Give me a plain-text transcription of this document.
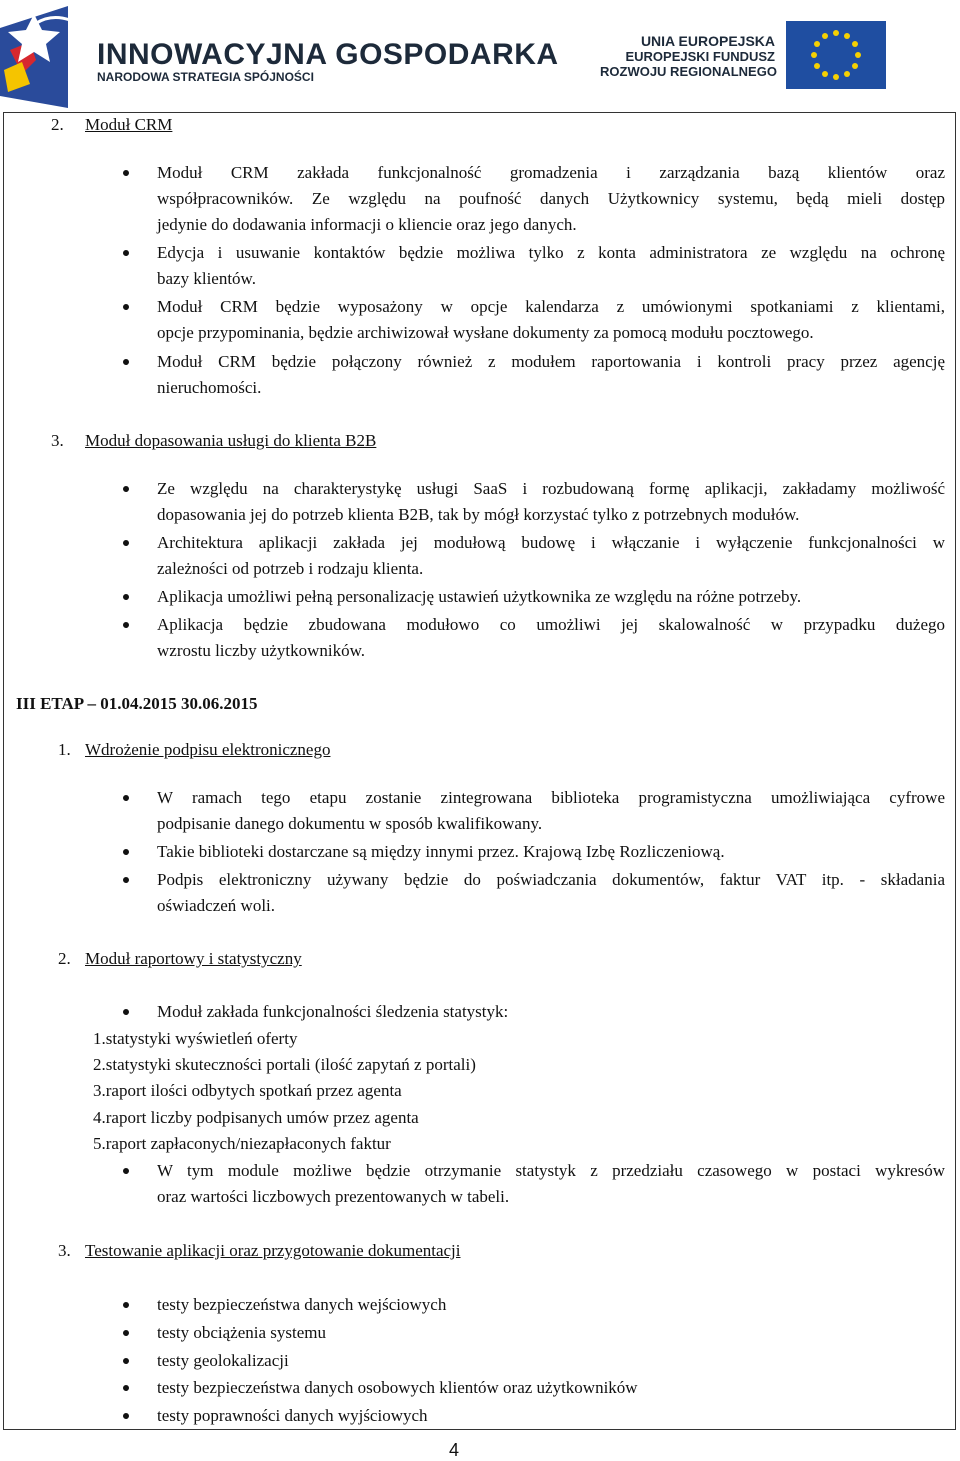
INNOWACYJNA GOSPODARKA
NARODOWA STRATEGIA SPÓJNOŚCI
UNIA EUROPEJSKA
EUROPEJSKI FUNDUSZ
ROZWOJU REGIONALNEGO
2. Moduł CRM
Moduł CRM zakłada funkcjonalność gromadzenia i zarządzania bazą klientów oraz
współpracowników. Ze względu na poufność danych Użytkownicy systemu, będą mieli dostęp
jedynie do dodawania informacji o kliencie oraz jego danych.
Edycja i usuwanie kontaktów będzie możliwa tylko z konta administratora ze względu na ochronę
bazy klientów.
Moduł CRM będzie wyposażony w opcje kalendarza z umówionymi spotkaniami z klientami,
opcje przypominania, będzie archiwizował wysłane dokumenty za pomocą modułu pocztowego.
Moduł CRM będzie połączony również z modułem raportowania i kontroli pracy przez agencję
nieruchomości.
3. Moduł dopasowania usługi do klienta B2B
Ze względu na charakterystykę usługi SaaS i rozbudowaną formę aplikacji, zakładamy możliwość
dopasowania jej do potrzeb klienta B2B, tak by mógł korzystać tylko z potrzebnych modułów.
Architektura aplikacji zakłada jej modułową budowę i włączanie i wyłączenie funkcjonalności w
zależności od potrzeb i rodzaju klienta.
Aplikacja umożliwi pełną personalizację ustawień użytkownika ze względu na różne potrzeby.
Aplikacja będzie zbudowana modułowo co umożliwi jej skalowalność w przypadku dużego
wzrostu liczby użytkowników.
III ETAP – 01.04.2015 30.06.2015
1. Wdrożenie podpisu elektronicznego
W ramach tego etapu zostanie zintegrowana biblioteka programistyczna umożliwiająca cyfrowe
podpisanie danego dokumentu w sposób kwalifikowany.
Takie biblioteki dostarczane są między innymi przez. Krajową Izbę Rozliczeniową.
Podpis elektroniczny używany będzie do poświadczania dokumentów, faktur VAT itp. - składania
oświadczeń woli.
2. Moduł raportowy i statystyczny
Moduł zakłada funkcjonalności śledzenia statystyk:
1.statystyki wyświetleń oferty
2.statystyki skuteczności portali (ilość zapytań z portali)
3.raport ilości odbytych spotkań przez agenta
4.raport liczby podpisanych umów przez agenta
5.raport zapłaconych/niezapłaconych faktur
W tym module możliwe będzie otrzymanie statystyk z przedziału czasowego w postaci wykresów
oraz wartości liczbowych prezentowanych w tabeli.
3. Testowanie aplikacji oraz przygotowanie dokumentacji
testy bezpieczeństwa danych wejściowych
testy obciążenia systemu
testy geolokalizacji
testy bezpieczeństwa danych osobowych klientów oraz użytkowników
testy poprawności danych wyjściowych
4
